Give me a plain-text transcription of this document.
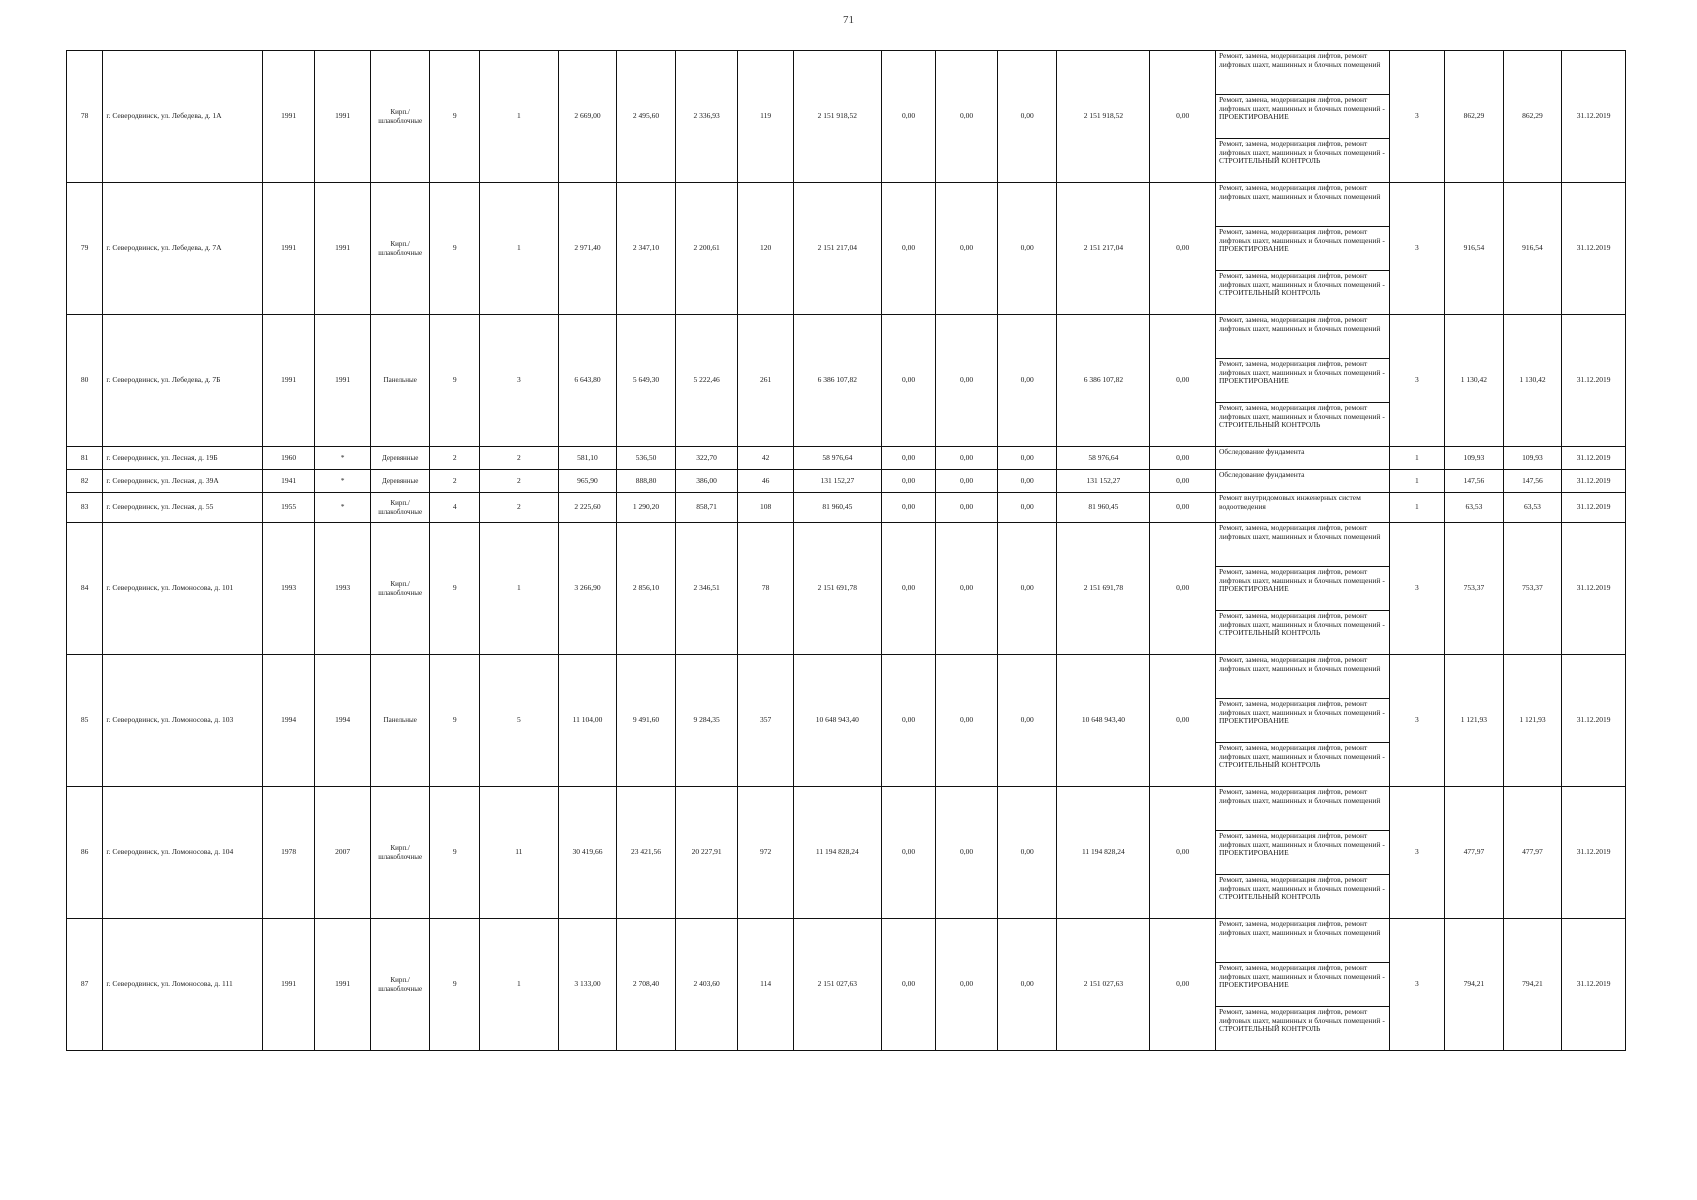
71
78	г. Северодвинск, ул. Лебедева, д. 1А	1991	1991	Кирп./ шлакоблочные	9	1	2 669,00	2 495,60	2 336,93	119	2 151 918,52	0,00	0,00	0,00	2 151 918,52	0,00	Ремонт, замена, модернизация лифтов, ремонт лифтовых шахт, машинных и блочных помещений	3	862,29	862,29	31.12.2019
																	Ремонт, замена, модернизация лифтов, ремонт лифтовых шахт, машинных и блочных помещений - ПРОЕКТИРОВАНИЕ				
																	Ремонт, замена, модернизация лифтов, ремонт лифтовых шахт, машинных и блочных помещений - СТРОИТЕЛЬНЫЙ КОНТРОЛЬ				
79	г. Северодвинск, ул. Лебедева, д. 7А	1991	1991	Кирп./ шлакоблочные	9	1	2 971,40	2 347,10	2 200,61	120	2 151 217,04	0,00	0,00	0,00	2 151 217,04	0,00	Ремонт, замена, модернизация лифтов, ремонт лифтовых шахт, машинных и блочных помещений	3	916,54	916,54	31.12.2019
																	Ремонт, замена, модернизация лифтов, ремонт лифтовых шахт, машинных и блочных помещений - ПРОЕКТИРОВАНИЕ				
																	Ремонт, замена, модернизация лифтов, ремонт лифтовых шахт, машинных и блочных помещений - СТРОИТЕЛЬНЫЙ КОНТРОЛЬ				
80	г. Северодвинск, ул. Лебедева, д. 7Б	1991	1991	Панельные	9	3	6 643,80	5 649,30	5 222,46	261	6 386 107,82	0,00	0,00	0,00	6 386 107,82	0,00	Ремонт, замена, модернизация лифтов, ремонт лифтовых шахт, машинных и блочных помещений	3	1 130,42	1 130,42	31.12.2019
																	Ремонт, замена, модернизация лифтов, ремонт лифтовых шахт, машинных и блочных помещений - ПРОЕКТИРОВАНИЕ				
																	Ремонт, замена, модернизация лифтов, ремонт лифтовых шахт, машинных и блочных помещений - СТРОИТЕЛЬНЫЙ КОНТРОЛЬ				
81	г. Северодвинск, ул. Лесная, д. 19Б	1960	*	Деревянные	2	2	581,10	536,50	322,70	42	58 976,64	0,00	0,00	0,00	58 976,64	0,00	Обследование фундамента	1	109,93	109,93	31.12.2019
82	г. Северодвинск, ул. Лесная, д. 39А	1941	*	Деревянные	2	2	965,90	888,80	386,00	46	131 152,27	0,00	0,00	0,00	131 152,27	0,00	Обследование фундамента	1	147,56	147,56	31.12.2019
83	г. Северодвинск, ул. Лесная, д. 55	1955	*	Кирп./ шлакоблочные	4	2	2 225,60	1 290,20	858,71	108	81 960,45	0,00	0,00	0,00	81 960,45	0,00	Ремонт внутридомовых инженерных систем водоотведения	1	63,53	63,53	31.12.2019
84	г. Северодвинск, ул. Ломоносова, д. 101	1993	1993	Кирп./ шлакоблочные	9	1	3 266,90	2 856,10	2 346,51	78	2 151 691,78	0,00	0,00	0,00	2 151 691,78	0,00	Ремонт, замена, модернизация лифтов, ремонт лифтовых шахт, машинных и блочных помещений	3	753,37	753,37	31.12.2019
																	Ремонт, замена, модернизация лифтов, ремонт лифтовых шахт, машинных и блочных помещений - ПРОЕКТИРОВАНИЕ				
																	Ремонт, замена, модернизация лифтов, ремонт лифтовых шахт, машинных и блочных помещений - СТРОИТЕЛЬНЫЙ КОНТРОЛЬ				
85	г. Северодвинск, ул. Ломоносова, д. 103	1994	1994	Панельные	9	5	11 104,00	9 491,60	9 284,35	357	10 648 943,40	0,00	0,00	0,00	10 648 943,40	0,00	Ремонт, замена, модернизация лифтов, ремонт лифтовых шахт, машинных и блочных помещений	3	1 121,93	1 121,93	31.12.2019
																	Ремонт, замена, модернизация лифтов, ремонт лифтовых шахт, машинных и блочных помещений - ПРОЕКТИРОВАНИЕ				
																	Ремонт, замена, модернизация лифтов, ремонт лифтовых шахт, машинных и блочных помещений - СТРОИТЕЛЬНЫЙ КОНТРОЛЬ				
86	г. Северодвинск, ул. Ломоносова, д. 104	1978	2007	Кирп./ шлакоблочные	9	11	30 419,66	23 421,56	20 227,91	972	11 194 828,24	0,00	0,00	0,00	11 194 828,24	0,00	Ремонт, замена, модернизация лифтов, ремонт лифтовых шахт, машинных и блочных помещений	3	477,97	477,97	31.12.2019
																	Ремонт, замена, модернизация лифтов, ремонт лифтовых шахт, машинных и блочных помещений - ПРОЕКТИРОВАНИЕ				
																	Ремонт, замена, модернизация лифтов, ремонт лифтовых шахт, машинных и блочных помещений - СТРОИТЕЛЬНЫЙ КОНТРОЛЬ				
87	г. Северодвинск, ул. Ломоносова, д. 111	1991	1991	Кирп./ шлакоблочные	9	1	3 133,00	2 708,40	2 403,60	114	2 151 027,63	0,00	0,00	0,00	2 151 027,63	0,00	Ремонт, замена, модернизация лифтов, ремонт лифтовых шахт, машинных и блочных помещений	3	794,21	794,21	31.12.2019
																	Ремонт, замена, модернизация лифтов, ремонт лифтовых шахт, машинных и блочных помещений - ПРОЕКТИРОВАНИЕ				
																	Ремонт, замена, модернизация лифтов, ремонт лифтовых шахт, машинных и блочных помещений - СТРОИТЕЛЬНЫЙ КОНТРОЛЬ				
